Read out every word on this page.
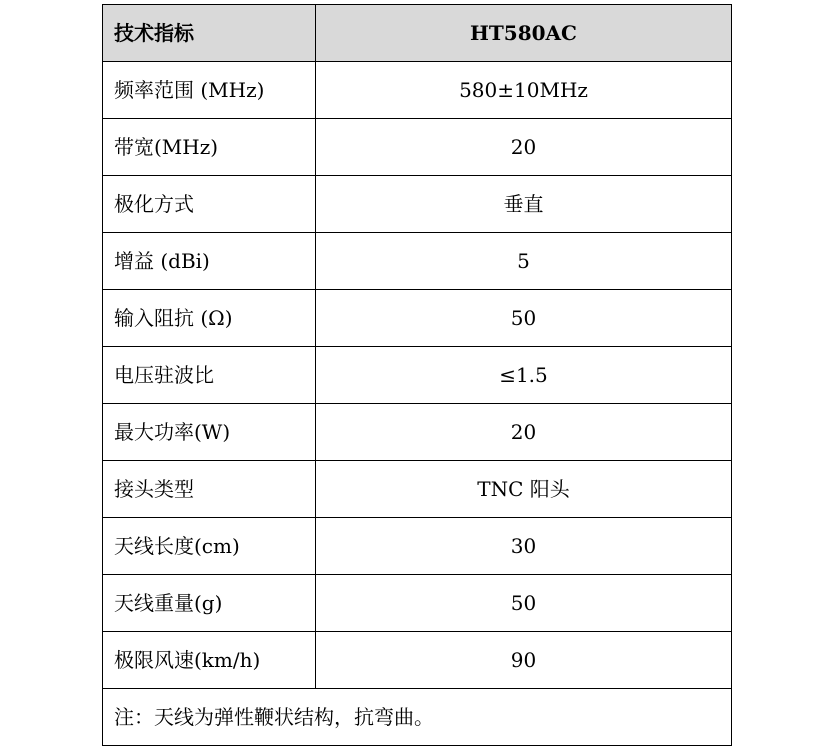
技术指标	HT580AC
频率范围 (MHz)	580±10MHz
带宽(MHz)	20
极化方式	垂直
增益 (dBi)	5
输入阻抗 (Ω)	50
电压驻波比	≤1.5
最大功率(W)	20
接头类型	TNC 阳头
天线长度(cm)	30
天线重量(g)	50
极限风速(km/h)	90
注：天线为弹性鞭状结构，抗弯曲。	
